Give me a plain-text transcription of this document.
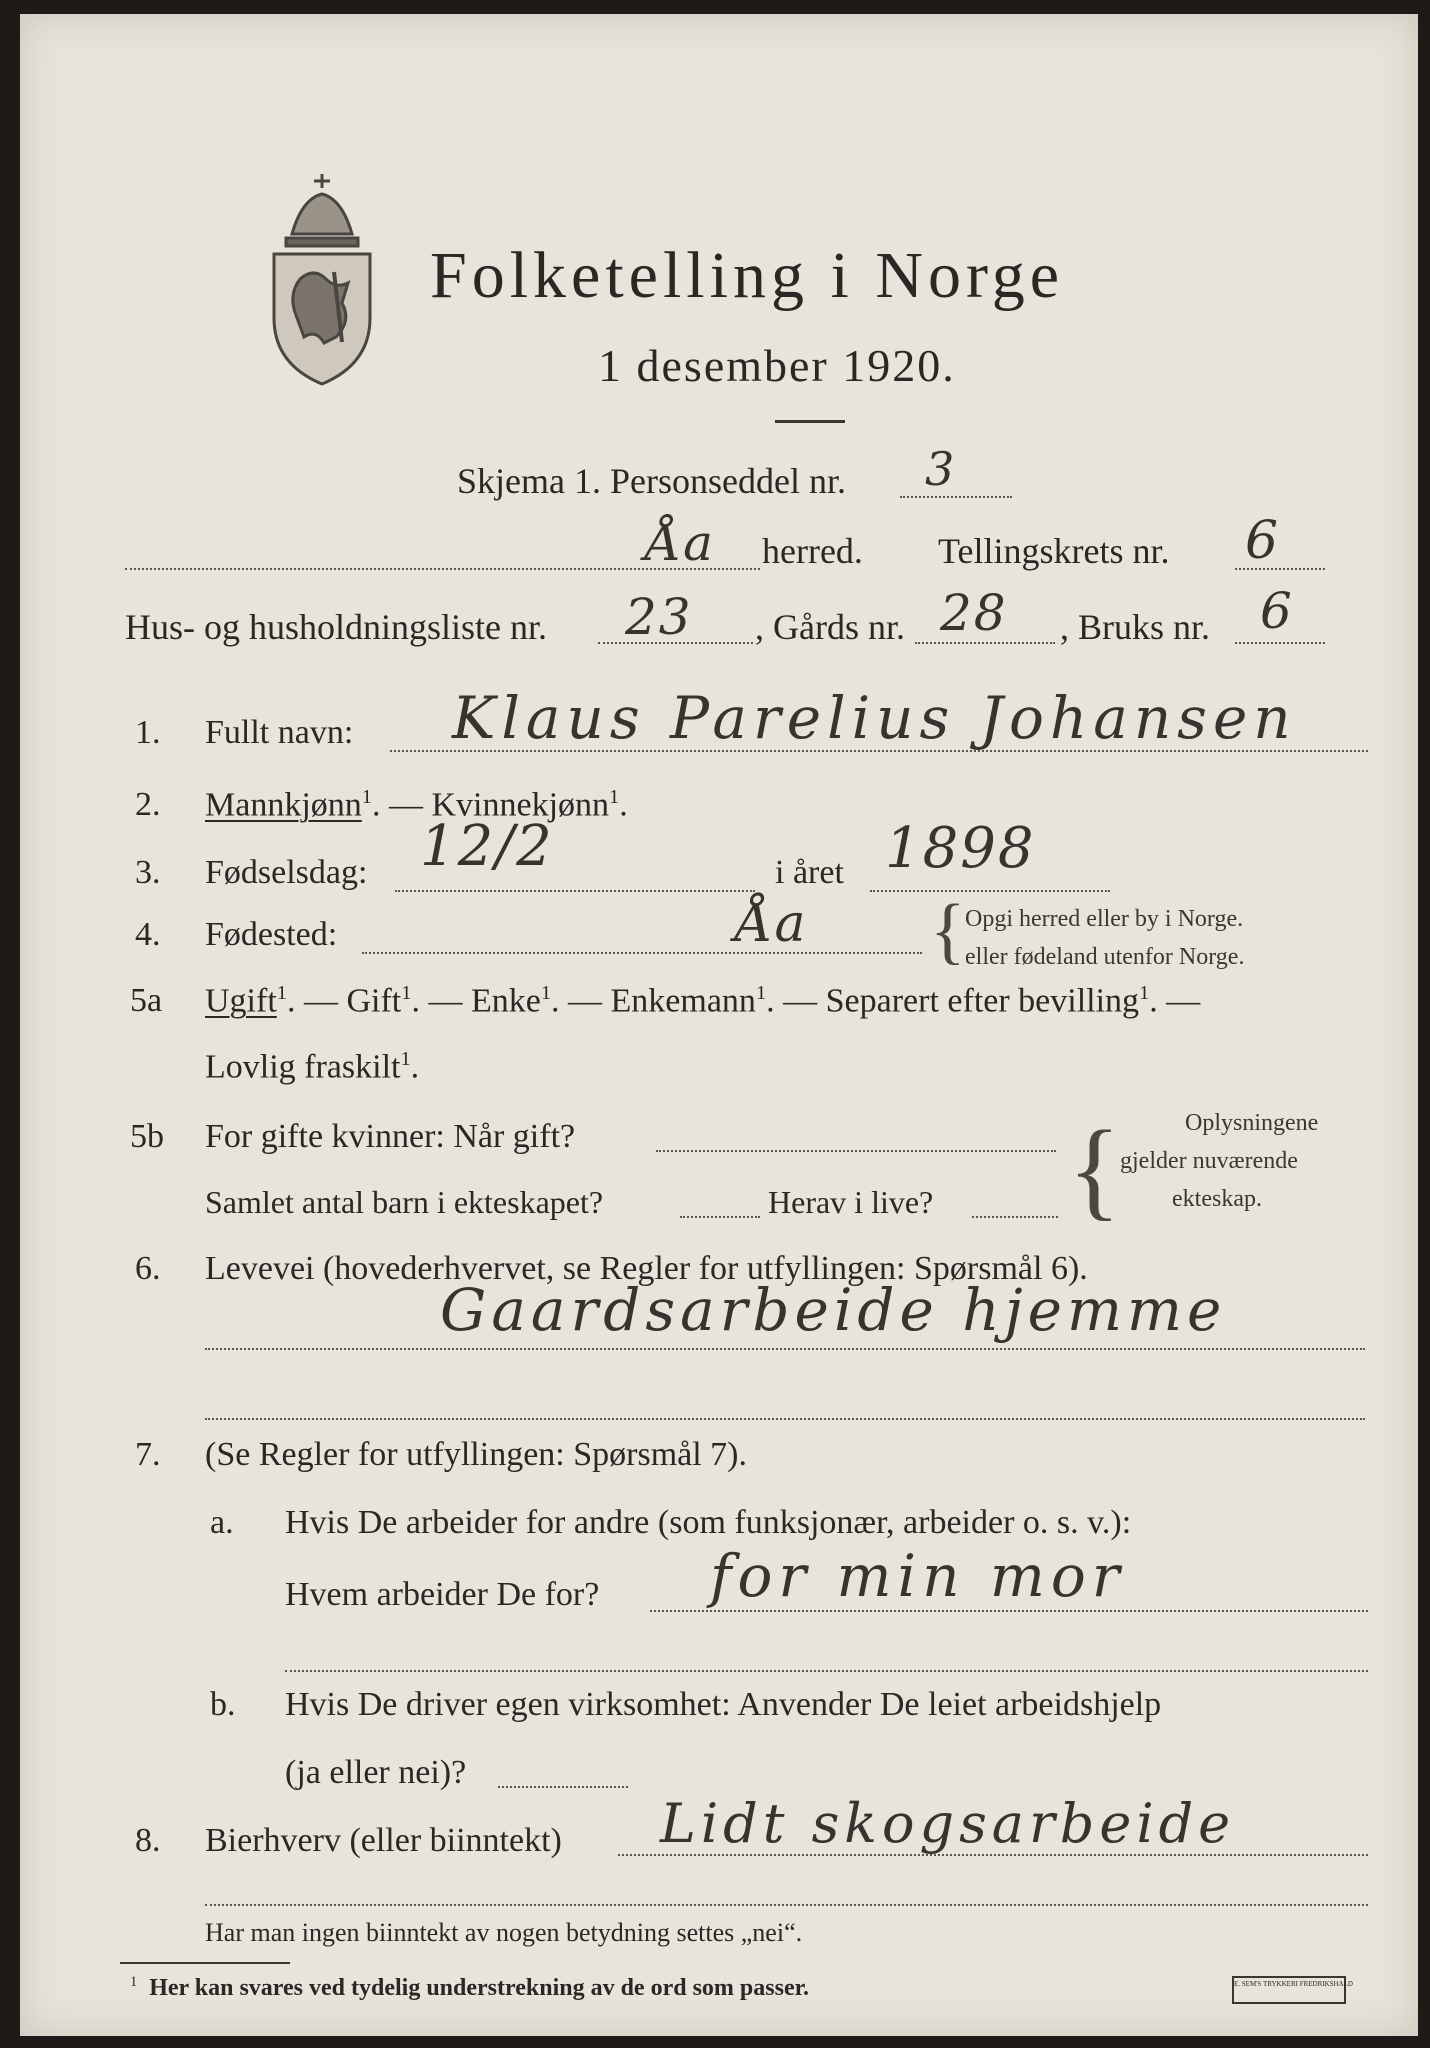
Folketelling i Norge
1 desember 1920.
Skjema 1. Personseddel nr. 3
Åa herred. Tellingskrets nr. 6
Hus- og husholdningsliste nr. 23 , Gårds nr. 28 , Bruks nr. 6
1. Fullt navn: Klaus Parelius Johansen
2. Mannkjønn$^1$. — Kvinnekjønn$^1$.
3. Fødselsdag: 12/2	i året 1898
4. Fødested:	Åa { Opgi herred eller by i Norge.
eller fødeland utenfor Norge.
5a Ugift$^1$. — Gift$^1$. — Enke$^1$. — Enkemann$^1$. — Separert efter bevilling$^1$. —
Lovlig fraskilt$^1$.
5b For gifte kvinner: Når gift?
Samlet antal barn i ekteskapet?	Herav i live? {	Oplysningene
gjelder nuværende
ekteskap.
6. Levevei (hovederhvervet, se Regler for utfyllingen: Spørsmål 6).
Gaardsarbeide hjemme
7. (Se Regler for utfyllingen: Spørsmål 7).
a. Hvis De arbeider for andre (som funksjonær, arbeider o. s. v.):
Hvem arbeider De for? for min mor
b. Hvis De driver egen virksomhet: Anvender De leiet arbeidshjelp
(ja eller nei)?
8. Bierhverv (eller biinntekt) Lidt skogsarbeide
Har man ingen biinntekt av nogen betydning settes „nei“.
$^1$ Her kan svares ved tydelig understrekning av de ord som passer.	E. SEM'S TRYKKERI FREDRIKSHALD
